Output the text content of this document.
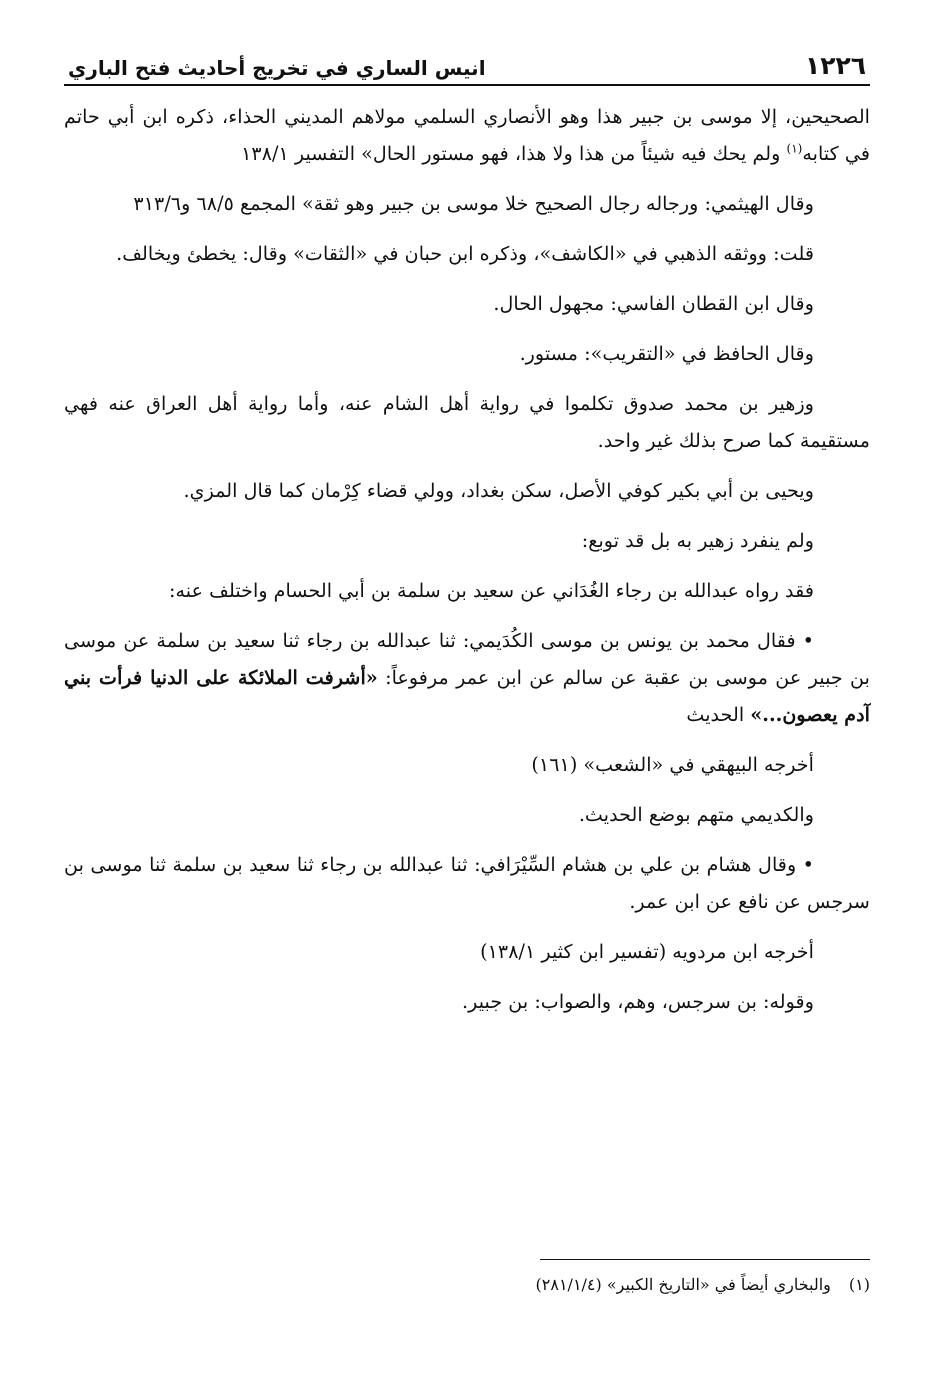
١٢٢٦
انيس الساري في تخريج أحاديث فتح الباري

الصحيحين، إلا موسى بن جبير هذا وهو الأنصاري السلمي مولاهم المديني الحذاء، ذكره ابن أبي حاتم في كتابه$^{(١)}$ ولم يحك فيه شيئاً من هذا ولا هذا، فهو مستور الحال» التفسير ١٣٨/١

وقال الهيثمي: ورجاله رجال الصحيح خلا موسى بن جبير وهو ثقة» المجمع ٦٨/٥ و٣١٣/٦

قلت: ووثقه الذهبي في «الكاشف»، وذكره ابن حبان في «الثقات» وقال: يخطئ ويخالف.

وقال ابن القطان الفاسي: مجهول الحال.

وقال الحافظ في «التقريب»: مستور.

وزهير بن محمد صدوق تكلموا في رواية أهل الشام عنه، وأما رواية أهل العراق عنه فهي مستقيمة كما صرح بذلك غير واحد.

ويحيى بن أبي بكير كوفي الأصل، سكن بغداد، وولي قضاء كِرْمان كما قال المزي.

ولم ينفرد زهير به بل قد توبع:

فقد رواه عبدالله بن رجاء الغُدَاني عن سعيد بن سلمة بن أبي الحسام واختلف عنه:

• فقال محمد بن يونس بن موسى الكُدَيمي: ثنا عبدالله بن رجاء ثنا سعيد بن سلمة عن موسى بن جبير عن موسى بن عقبة عن سالم عن ابن عمر مرفوعاً: «أشرفت الملائكة على الدنيا فرأت بني آدم يعصون...» الحديث

أخرجه البيهقي في «الشعب» (١٦١)

والكديمي متهم بوضع الحديث.

• وقال هشام بن علي بن هشام السِّيْرَافي: ثنا عبدالله بن رجاء ثنا سعيد بن سلمة ثنا موسى بن سرجس عن نافع عن ابن عمر.

أخرجه ابن مردويه (تفسير ابن كثير ١٣٨/١)

وقوله: بن سرجس، وهم، والصواب: بن جبير.

(١)
والبخاري أيضاً في «التاريخ الكبير» (٢٨١/١/٤)
